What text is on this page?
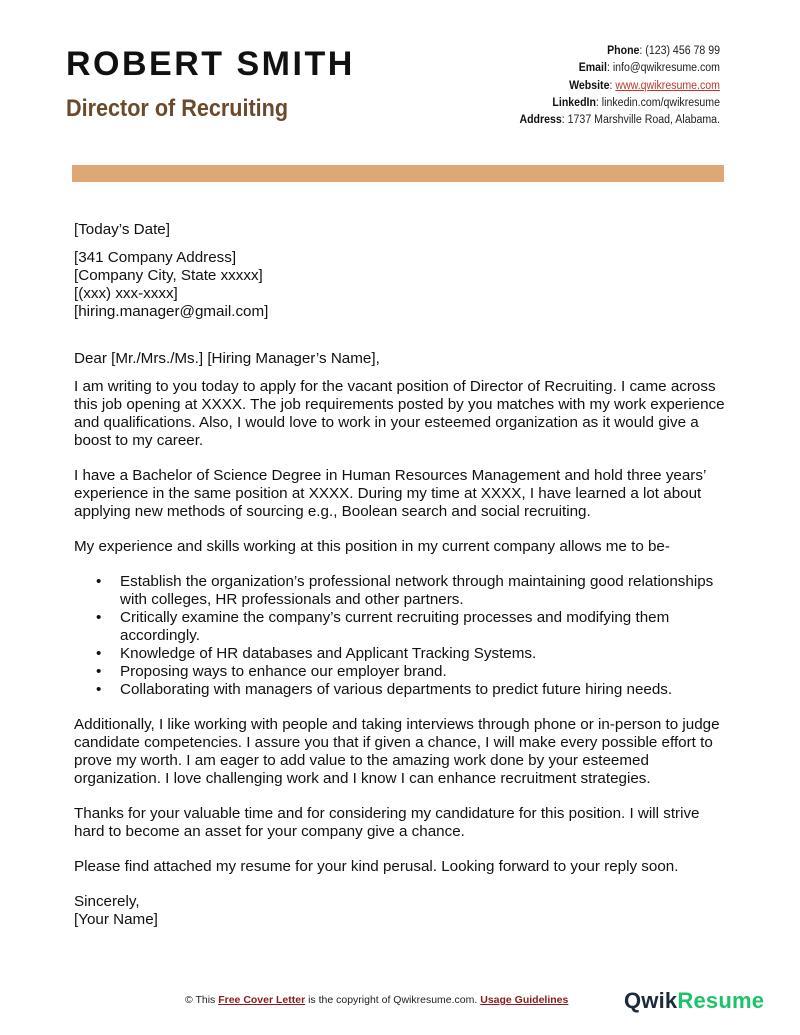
ROBERT SMITH
Director of Recruiting
Phone: (123) 456 78 99
Email: info@qwikresume.com
Website: www.qwikresume.com
LinkedIn: linkedin.com/qwikresume
Address: 1737 Marshville Road, Alabama.

[Today’s Date]

[341 Company Address]

[Company City, State xxxxx]

[(xxx) xxx-xxxx]

[hiring.manager@gmail.com]

Dear [Mr./Mrs./Ms.] [Hiring Manager’s Name],

I am writing to you today to apply for the vacant position of Director of Recruiting. I came across this job opening at XXXX. The job requirements posted by you matches with my work experience and qualifications. Also, I would love to work in your esteemed organization as it would give a boost to my career.

I have a Bachelor of Science Degree in Human Resources Management and hold three years’ experience in the same position at XXXX. During my time at XXXX, I have learned a lot about applying new methods of sourcing e.g., Boolean search and social recruiting.

My experience and skills working at this position in my current company allows me to be-

• Establish the organization’s professional network through maintaining good relationships with colleges, HR professionals and other partners.
• Critically examine the company’s current recruiting processes and modifying them accordingly.
• Knowledge of HR databases and Applicant Tracking Systems.
• Proposing ways to enhance our employer brand.
• Collaborating with managers of various departments to predict future hiring needs.

Additionally, I like working with people and taking interviews through phone or in-person to judge candidate competencies. I assure you that if given a chance, I will make every possible effort to prove my worth. I am eager to add value to the amazing work done by your esteemed organization. I love challenging work and I know I can enhance recruitment strategies.

Thanks for your valuable time and for considering my candidature for this position. I will strive hard to become an asset for your company give a chance.

Please find attached my resume for your kind perusal. Looking forward to your reply soon.

Sincerely,

[Your Name]

© This Free Cover Letter is the copyright of Qwikresume.com. Usage Guidelines	QwikResume
